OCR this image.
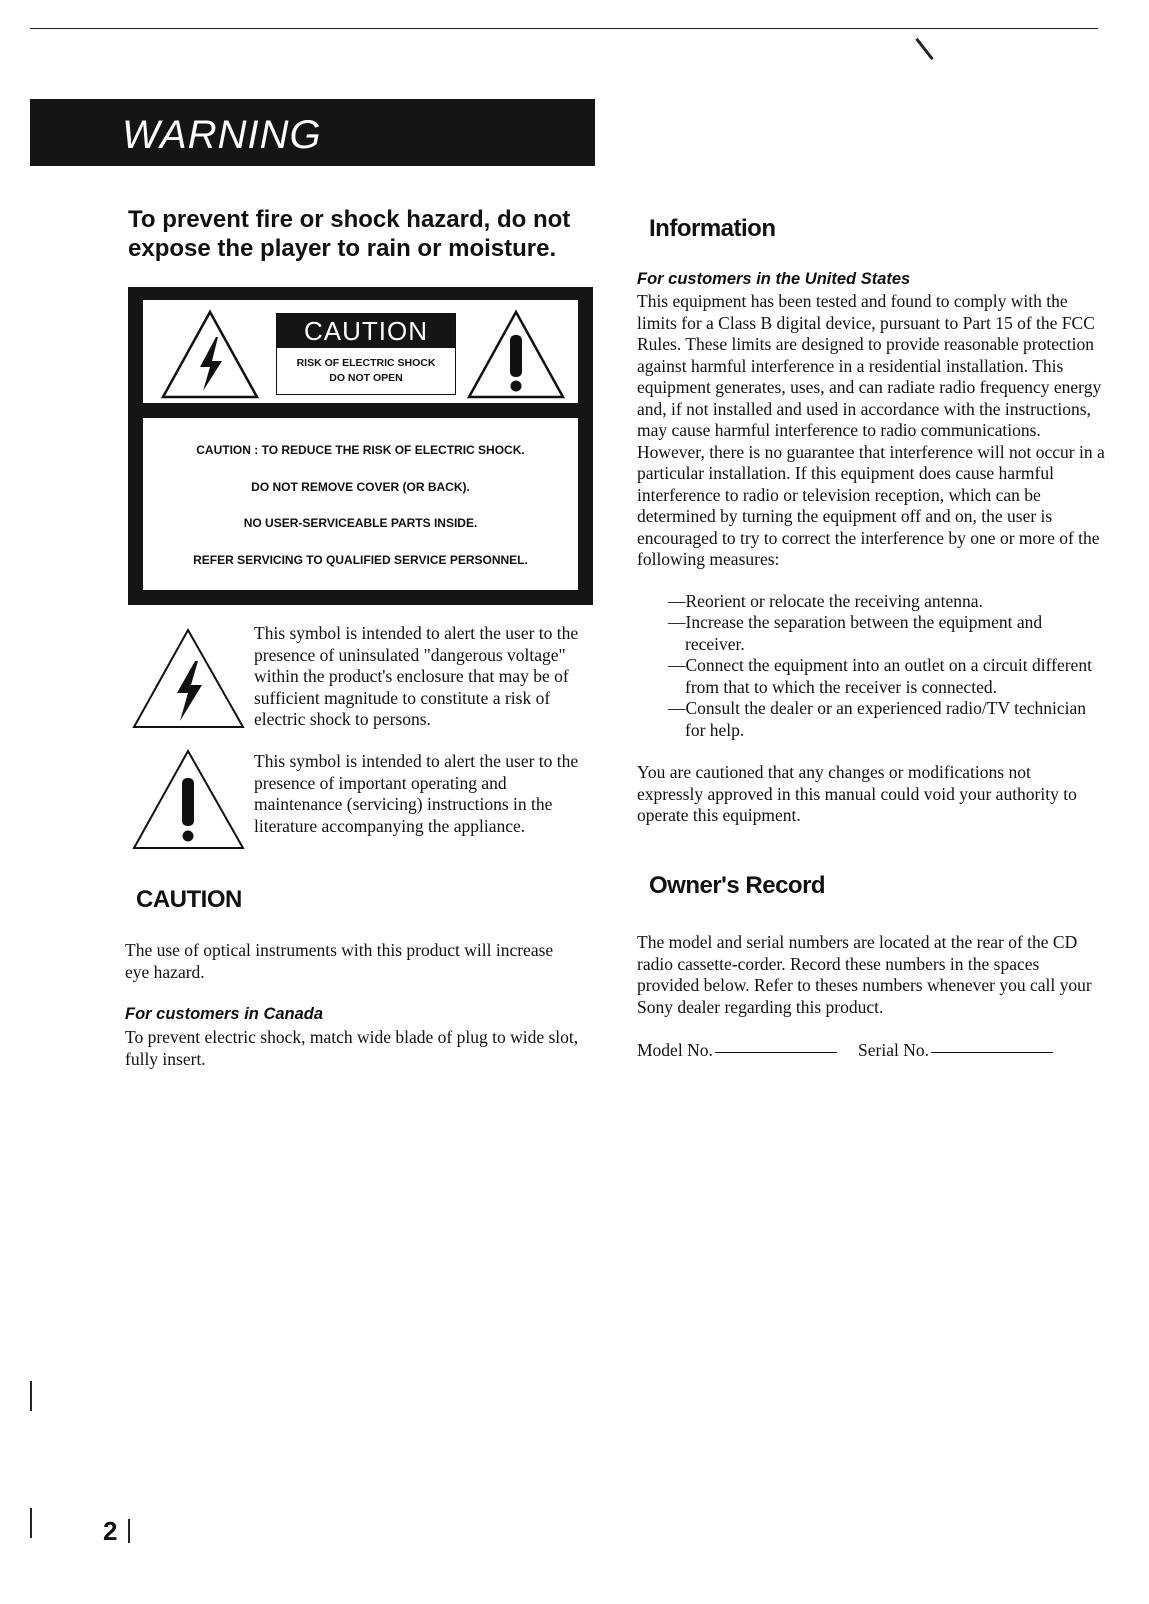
WARNING
To prevent fire or shock hazard, do not expose the player to rain or moisture.
CAUTION
RISK OF ELECTRIC SHOCK
DO NOT OPEN
CAUTION : TO REDUCE THE RISK OF ELECTRIC SHOCK.
DO NOT REMOVE COVER (OR BACK).
NO USER-SERVICEABLE PARTS INSIDE.
REFER SERVICING TO QUALIFIED SERVICE PERSONNEL.
This symbol is intended to alert the user to the presence of uninsulated "dangerous voltage" within the product's enclosure that may be of sufficient magnitude to constitute a risk of electric shock to persons.
This symbol is intended to alert the user to the presence of important operating and maintenance (servicing) instructions in the literature accompanying the appliance.
CAUTION
The use of optical instruments with this product will increase eye hazard.
For customers in Canada
To prevent electric shock, match wide blade of plug to wide slot, fully insert.
Information
For customers in the United States
This equipment has been tested and found to comply with the limits for a Class B digital device, pursuant to Part 15 of the FCC Rules. These limits are designed to provide reasonable protection against harmful interference in a residential installation. This equipment generates, uses, and can radiate radio frequency energy and, if not installed and used in accordance with the instructions, may cause harmful interference to radio communications. However, there is no guarantee that interference will not occur in a particular installation. If this equipment does cause harmful interference to radio or television reception, which can be determined by turning the equipment off and on, the user is encouraged to try to correct the interference by one or more of the following measures:
—Reorient or relocate the receiving antenna.
—Increase the separation between the equipment and receiver.
—Connect the equipment into an outlet on a circuit different from that to which the receiver is connected.
—Consult the dealer or an experienced radio/TV technician for help.
You are cautioned that any changes or modifications not expressly approved in this manual could void your authority to operate this equipment.
Owner's Record
The model and serial numbers are located at the rear of the CD radio cassette-corder. Record these numbers in the spaces provided below. Refer to theses numbers whenever you call your Sony dealer regarding this product.
Model No.	Serial No.
2
